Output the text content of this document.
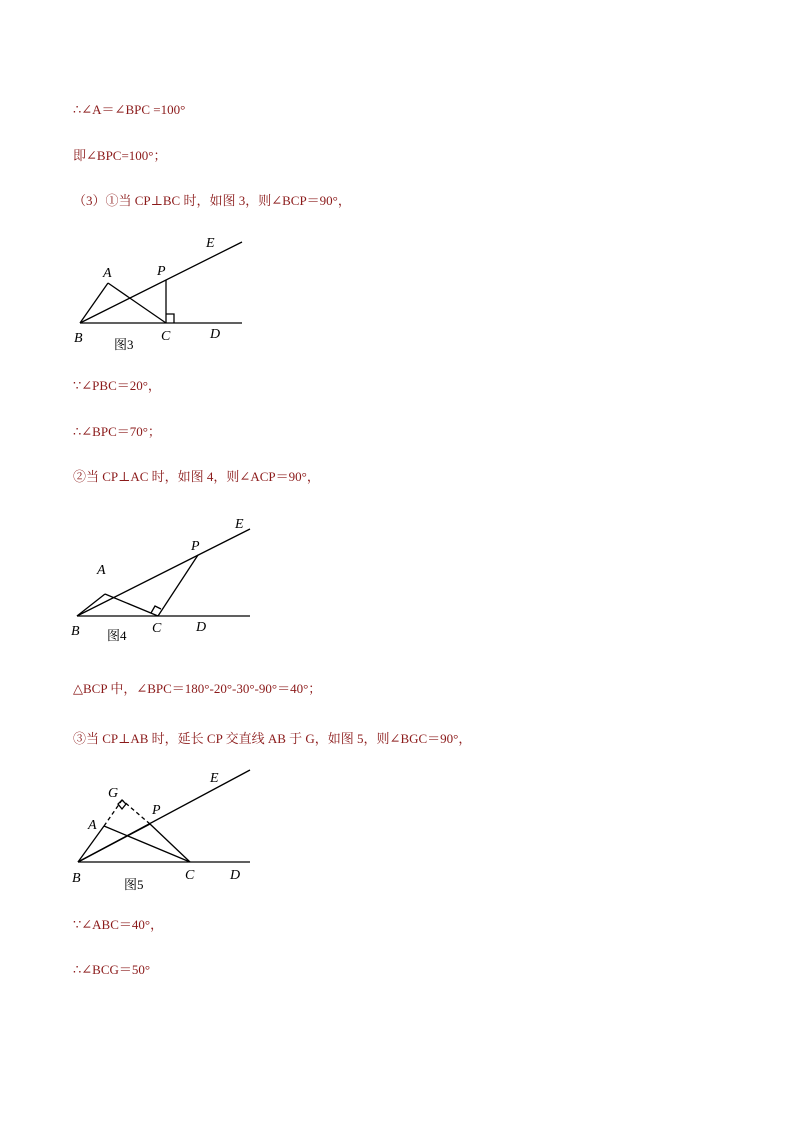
∴∠A＝∠BPC =100°
即∠BPC=100°；
（3）①当 CP⊥BC 时，如图 3，则∠BCP＝90°，
A	P
E
B	C	D
图3
∵∠PBC＝20°，
∴∠BPC＝70°；
②当 CP⊥AC 时，如图 4，则∠ACP＝90°，
A
P
E
B	C D
图4
△BCP 中，∠BPC＝180°-20°-30°-90°＝40°；
③当 CP⊥AB 时，延长 CP 交直线 AB 于 G，如图 5，则∠BGC＝90°，
G
A
P
E
B	C	D
图5
∵∠ABC＝40°，
∴∠BCG＝50°
